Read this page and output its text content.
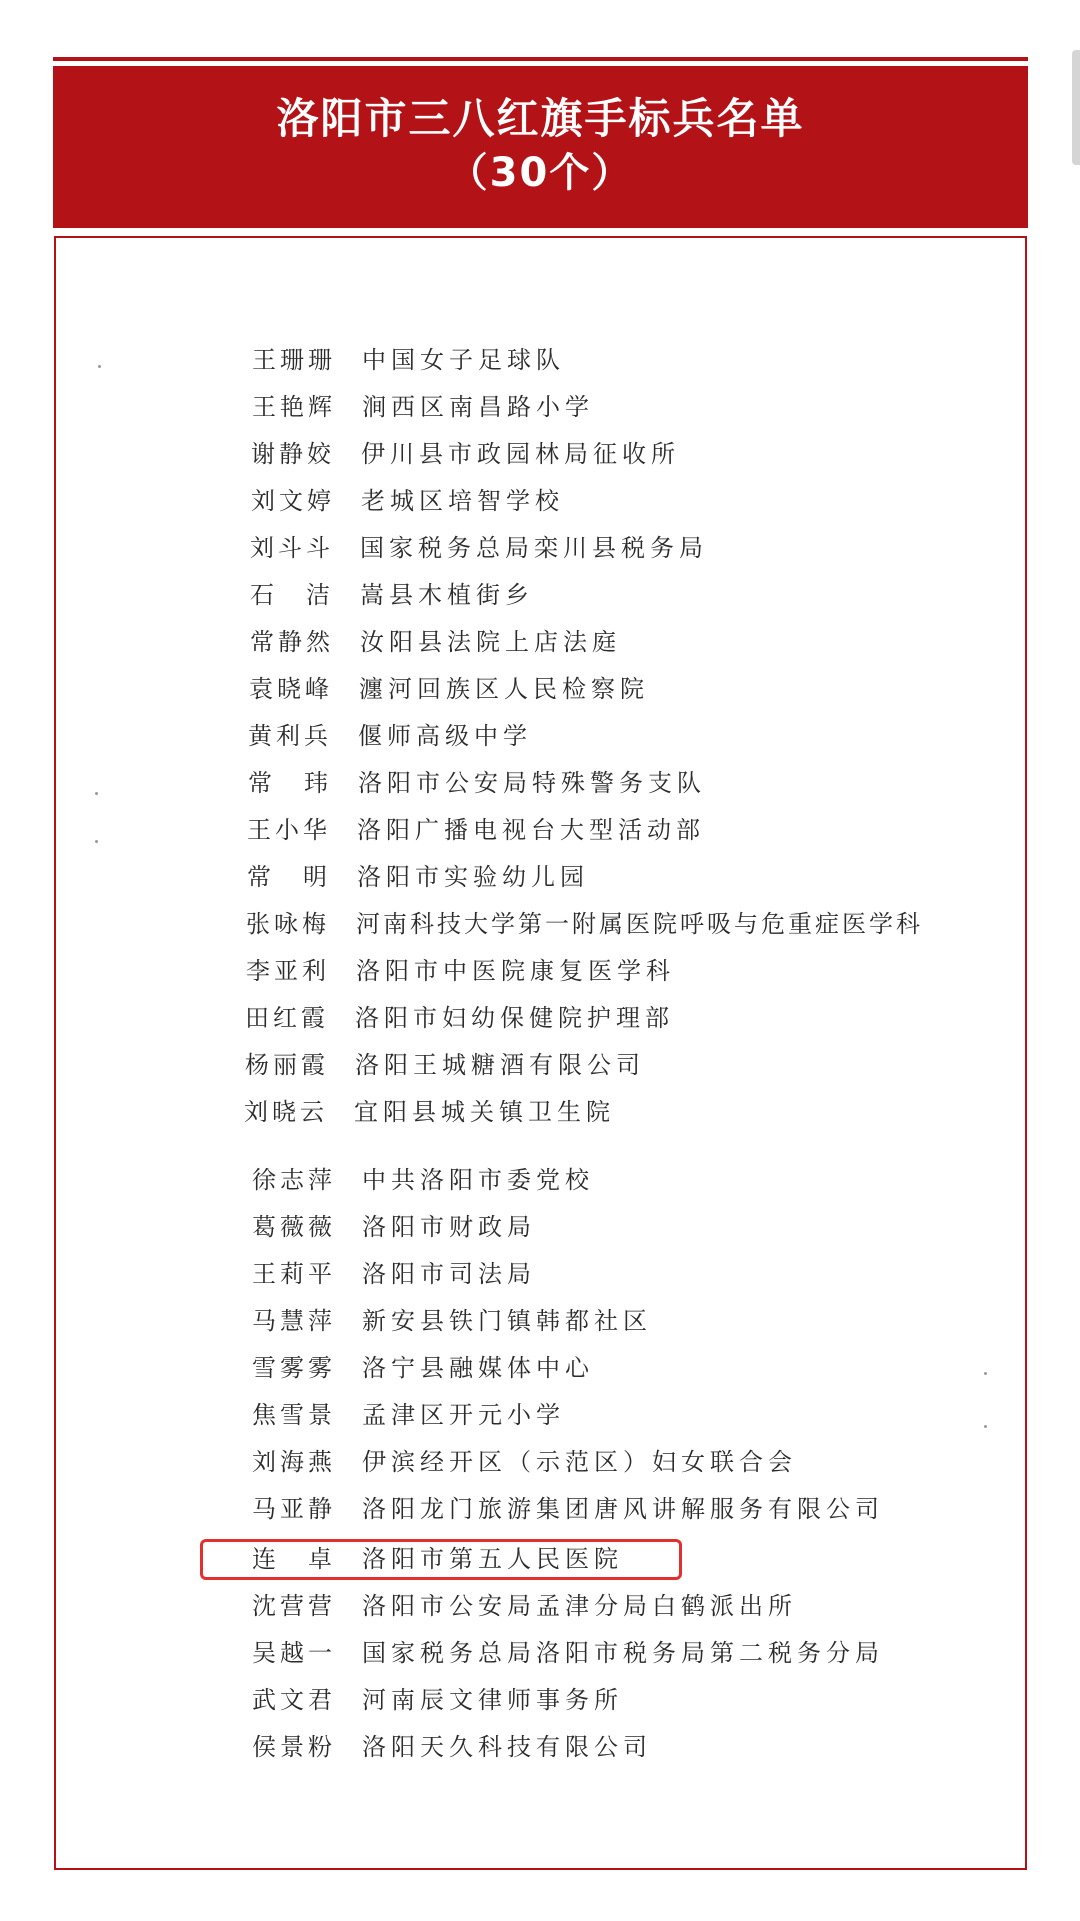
洛阳市三八红旗手标兵名单
（30个）
王珊珊	中国女子足球队
王艳辉	涧西区南昌路小学
谢静姣	伊川县市政园林局征收所
刘文婷	老城区培智学校
刘斗斗	国家税务总局栾川县税务局
石　洁	嵩县木植街乡
常静然	汝阳县法院上店法庭
袁晓峰	瀍河回族区人民检察院
黄利兵	偃师高级中学
常　玮	洛阳市公安局特殊警务支队
王小华	洛阳广播电视台大型活动部
常　明	洛阳市实验幼儿园
张咏梅	河南科技大学第一附属医院呼吸与危重症医学科
李亚利	洛阳市中医院康复医学科
田红霞	洛阳市妇幼保健院护理部
杨丽霞	洛阳王城糖酒有限公司
刘晓云	宜阳县城关镇卫生院
徐志萍	中共洛阳市委党校
葛薇薇	洛阳市财政局
王莉平	洛阳市司法局
马慧萍	新安县铁门镇韩都社区
雪雾雾	洛宁县融媒体中心
焦雪景	孟津区开元小学
刘海燕	伊滨经开区（示范区）妇女联合会
马亚静	洛阳龙门旅游集团唐风讲解服务有限公司
连　卓	洛阳市第五人民医院
沈营营	洛阳市公安局孟津分局白鹤派出所
吴越一	国家税务总局洛阳市税务局第二税务分局
武文君	河南辰文律师事务所
侯景粉	洛阳天久科技有限公司
